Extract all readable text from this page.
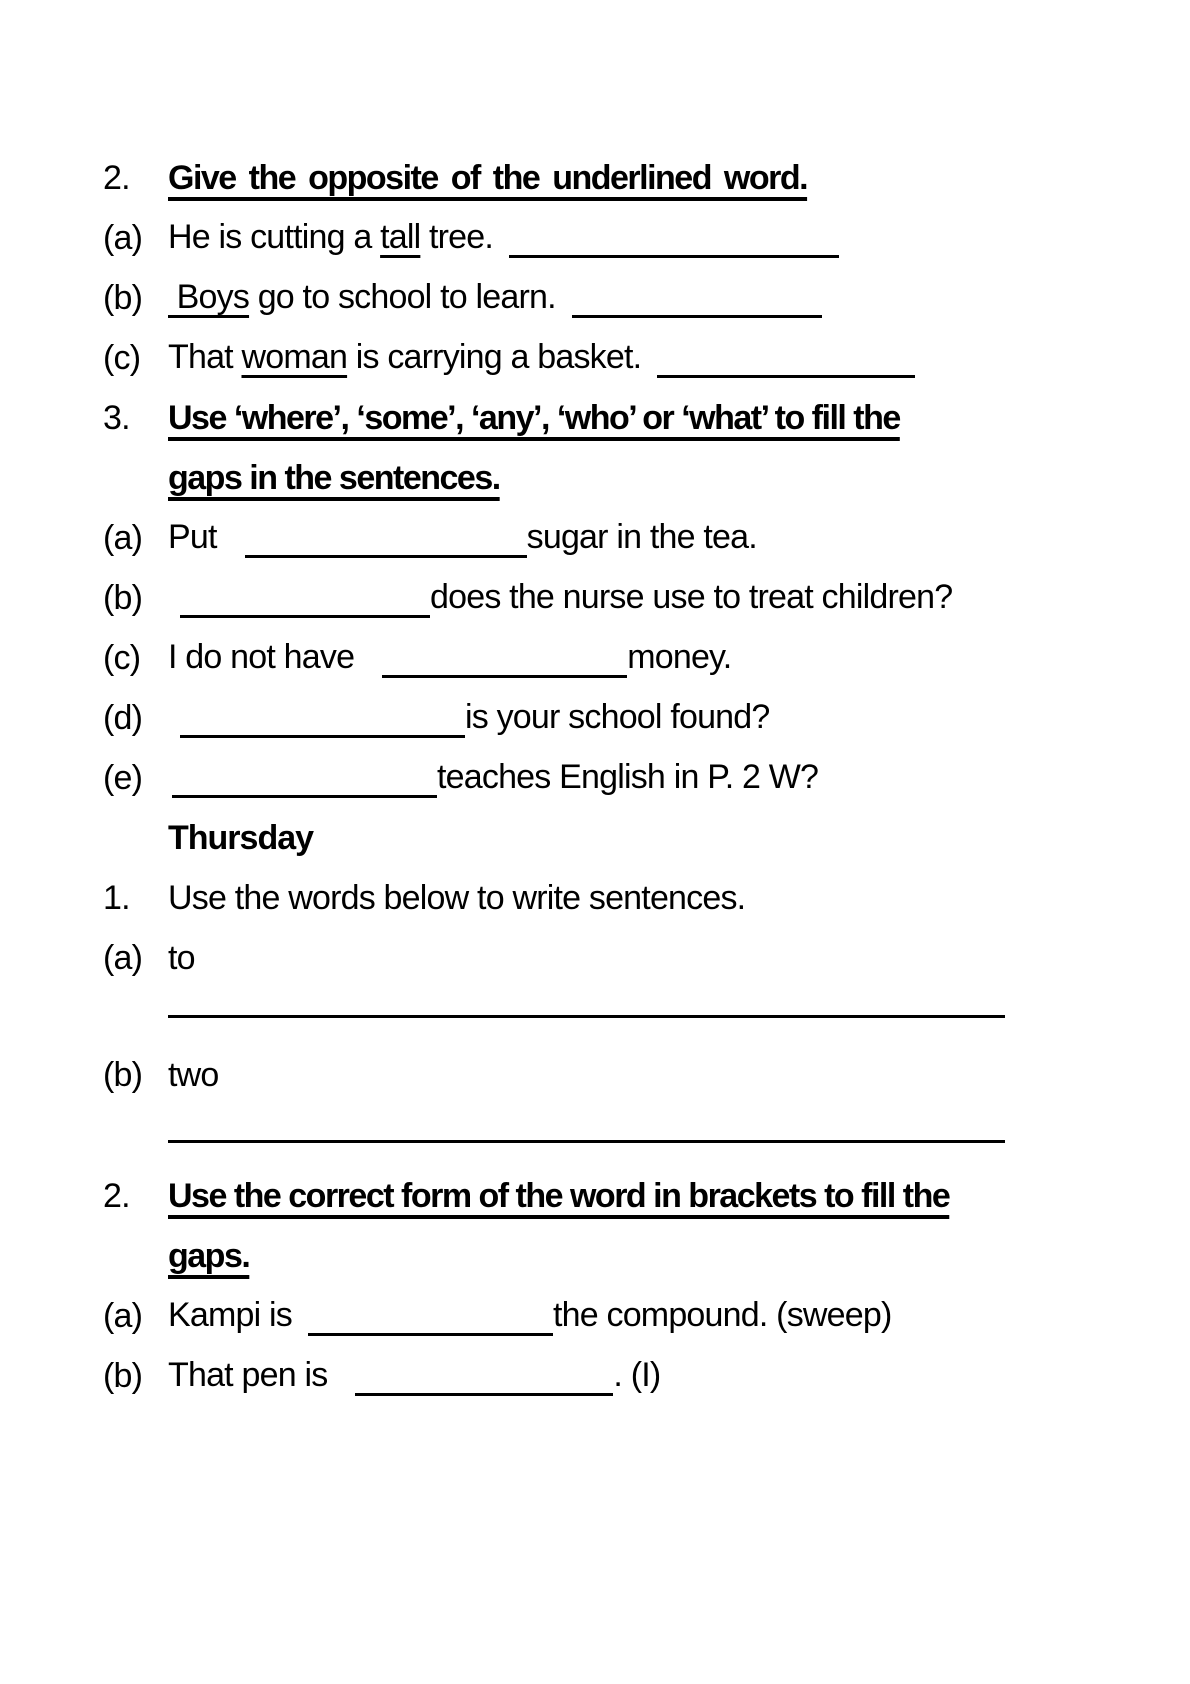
2.	Give the opposite of the underlined word.
(a) He is cutting a tall tree.
(b) Boys go to school to learn.
(c) That woman is carrying a basket.
3.	Use ‘where’, ‘some’, ‘any’, ‘who’ or ‘what’ to fill the
gaps in the sentences.
(a) Put	sugar in the tea.
(b)	does the nurse use to treat children?
(c) I do not have	money.
(d)	is your school found?
(e)	teaches English in P. 2 W?
Thursday
1.	Use the words below to write sentences.
(a) to
(b) two
2.	Use the correct form of the word in brackets to fill the
gaps.
(a) Kampi is	the compound. (sweep)
(b) That pen is	. (I)
